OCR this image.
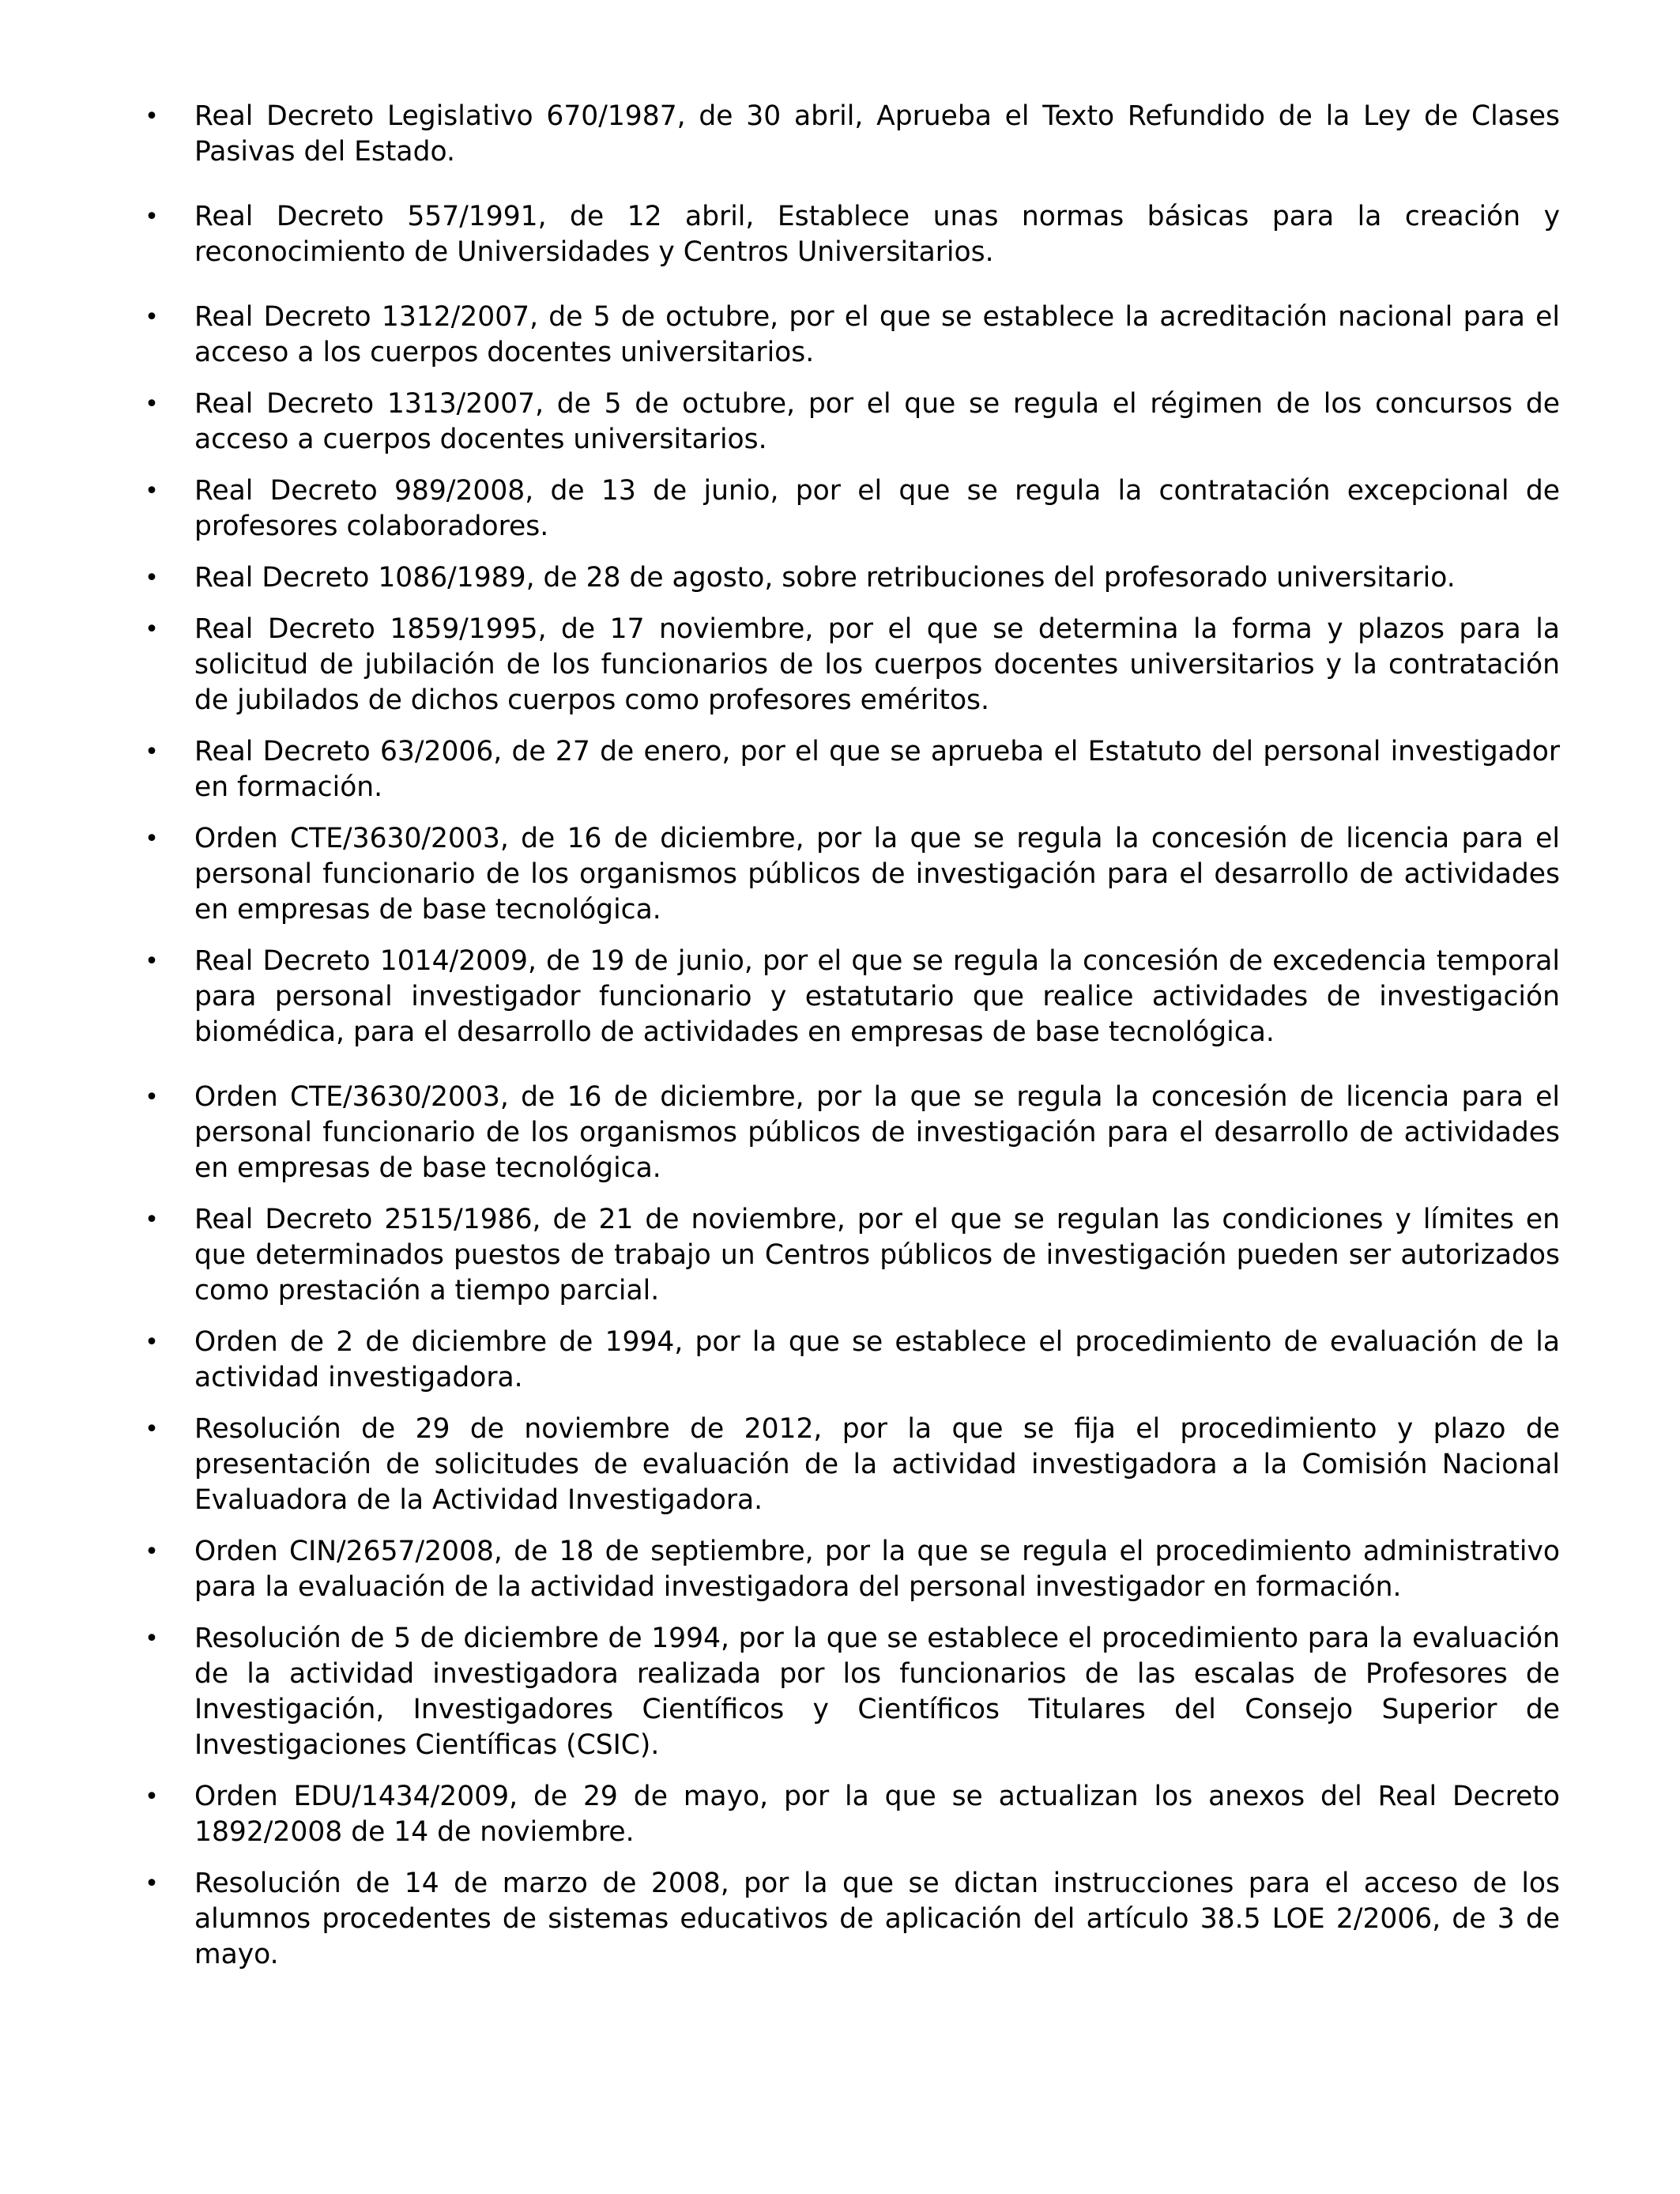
• Real Decreto Legislativo 670/1987, de 30 abril, Aprueba el Texto Refundido de la Ley de Clases Pasivas del Estado.
• Real Decreto 557/1991, de 12 abril, Establece unas normas básicas para la creación y reconocimiento de Universidades y Centros Universitarios.
• Real Decreto 1312/2007, de 5 de octubre, por el que se establece la acreditación nacional para el acceso a los cuerpos docentes universitarios.
• Real Decreto 1313/2007, de 5 de octubre, por el que se regula el régimen de los concursos de acceso a cuerpos docentes universitarios.
• Real Decreto 989/2008, de 13 de junio, por el que se regula la contratación excepcional de profesores colaboradores.
• Real Decreto 1086/1989, de 28 de agosto, sobre retribuciones del profesorado universitario.
• Real Decreto 1859/1995, de 17 noviembre, por el que se determina la forma y plazos para la solicitud de jubilación de los funcionarios de los cuerpos docentes universitarios y la contratación de jubilados de dichos cuerpos como profesores eméritos.
• Real Decreto 63/2006, de 27 de enero, por el que se aprueba el Estatuto del personal investigador en formación.
• Orden CTE/3630/2003, de 16 de diciembre, por la que se regula la concesión de licencia para el personal funcionario de los organismos públicos de investigación para el desarrollo de actividades en empresas de base tecnológica.
• Real Decreto 1014/2009, de 19 de junio, por el que se regula la concesión de excedencia temporal para personal investigador funcionario y estatutario que realice actividades de investigación biomédica, para el desarrollo de actividades en empresas de base tecnológica.
• Orden CTE/3630/2003, de 16 de diciembre, por la que se regula la concesión de licencia para el personal funcionario de los organismos públicos de investigación para el desarrollo de actividades en empresas de base tecnológica.
• Real Decreto 2515/1986, de 21 de noviembre, por el que se regulan las condiciones y límites en que determinados puestos de trabajo un Centros públicos de investigación pueden ser autorizados como prestación a tiempo parcial.
• Orden de 2 de diciembre de 1994, por la que se establece el procedimiento de evaluación de la actividad investigadora.
• Resolución de 29 de noviembre de 2012, por la que se fija el procedimiento y plazo de presentación de solicitudes de evaluación de la actividad investigadora a la Comisión Nacional Evaluadora de la Actividad Investigadora.
• Orden CIN/2657/2008, de 18 de septiembre, por la que se regula el procedimiento administrativo para la evaluación de la actividad investigadora del personal investigador en formación.
• Resolución de 5 de diciembre de 1994, por la que se establece el procedimiento para la evaluación de la actividad investigadora realizada por los funcionarios de las escalas de Profesores de Investigación, Investigadores Científicos y Científicos Titulares del Consejo Superior de Investigaciones Científicas (CSIC).
• Orden EDU/1434/2009, de 29 de mayo, por la que se actualizan los anexos del Real Decreto 1892/2008 de 14 de noviembre.
• Resolución de 14 de marzo de 2008, por la que se dictan instrucciones para el acceso de los alumnos procedentes de sistemas educativos de aplicación del artículo 38.5 LOE 2/2006, de 3 de mayo.
